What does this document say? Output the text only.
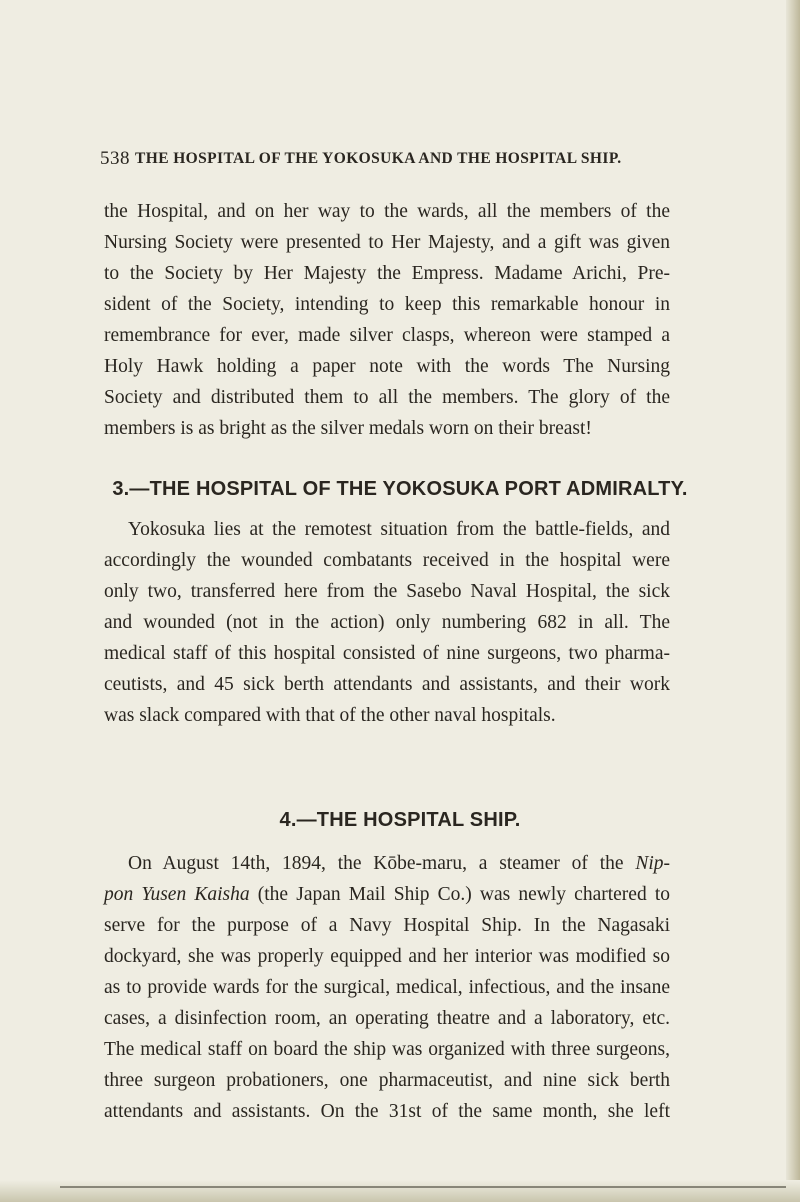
538 THE HOSPITAL OF THE YOKOSUKA AND THE HOSPITAL SHIP.
the Hospital, and on her way to the wards, all the members of the
Nursing Society were presented to Her Majesty, and a gift was given
to the Society by Her Majesty the Empress. Madame Arichi, Pre-
sident of the Society, intending to keep this remarkable honour in
remembrance for ever, made silver clasps, whereon were stamped a
Holy Hawk holding a paper note with the words The Nursing
Society and distributed them to all the members. The glory of the
members is as bright as the silver medals worn on their breast!
3.—THE HOSPITAL OF THE YOKOSUKA PORT ADMIRALTY.
Yokosuka lies at the remotest situation from the battle-fields, and
accordingly the wounded combatants received in the hospital were
only two, transferred here from the Sasebo Naval Hospital, the sick
and wounded (not in the action) only numbering 682 in all. The
medical staff of this hospital consisted of nine surgeons, two pharma-
ceutists, and 45 sick berth attendants and assistants, and their work
was slack compared with that of the other naval hospitals.
4.—THE HOSPITAL SHIP.
On August 14th, 1894, the Kōbe-maru, a steamer of the Nip-
pon Yusen Kaisha (the Japan Mail Ship Co.) was newly chartered to
serve for the purpose of a Navy Hospital Ship. In the Nagasaki
dockyard, she was properly equipped and her interior was modified so
as to provide wards for the surgical, medical, infectious, and the insane
cases, a disinfection room, an operating theatre and a laboratory, etc.
The medical staff on board the ship was organized with three surgeons,
three surgeon probationers, one pharmaceutist, and nine sick berth
attendants and assistants. On the 31st of the same month, she left
